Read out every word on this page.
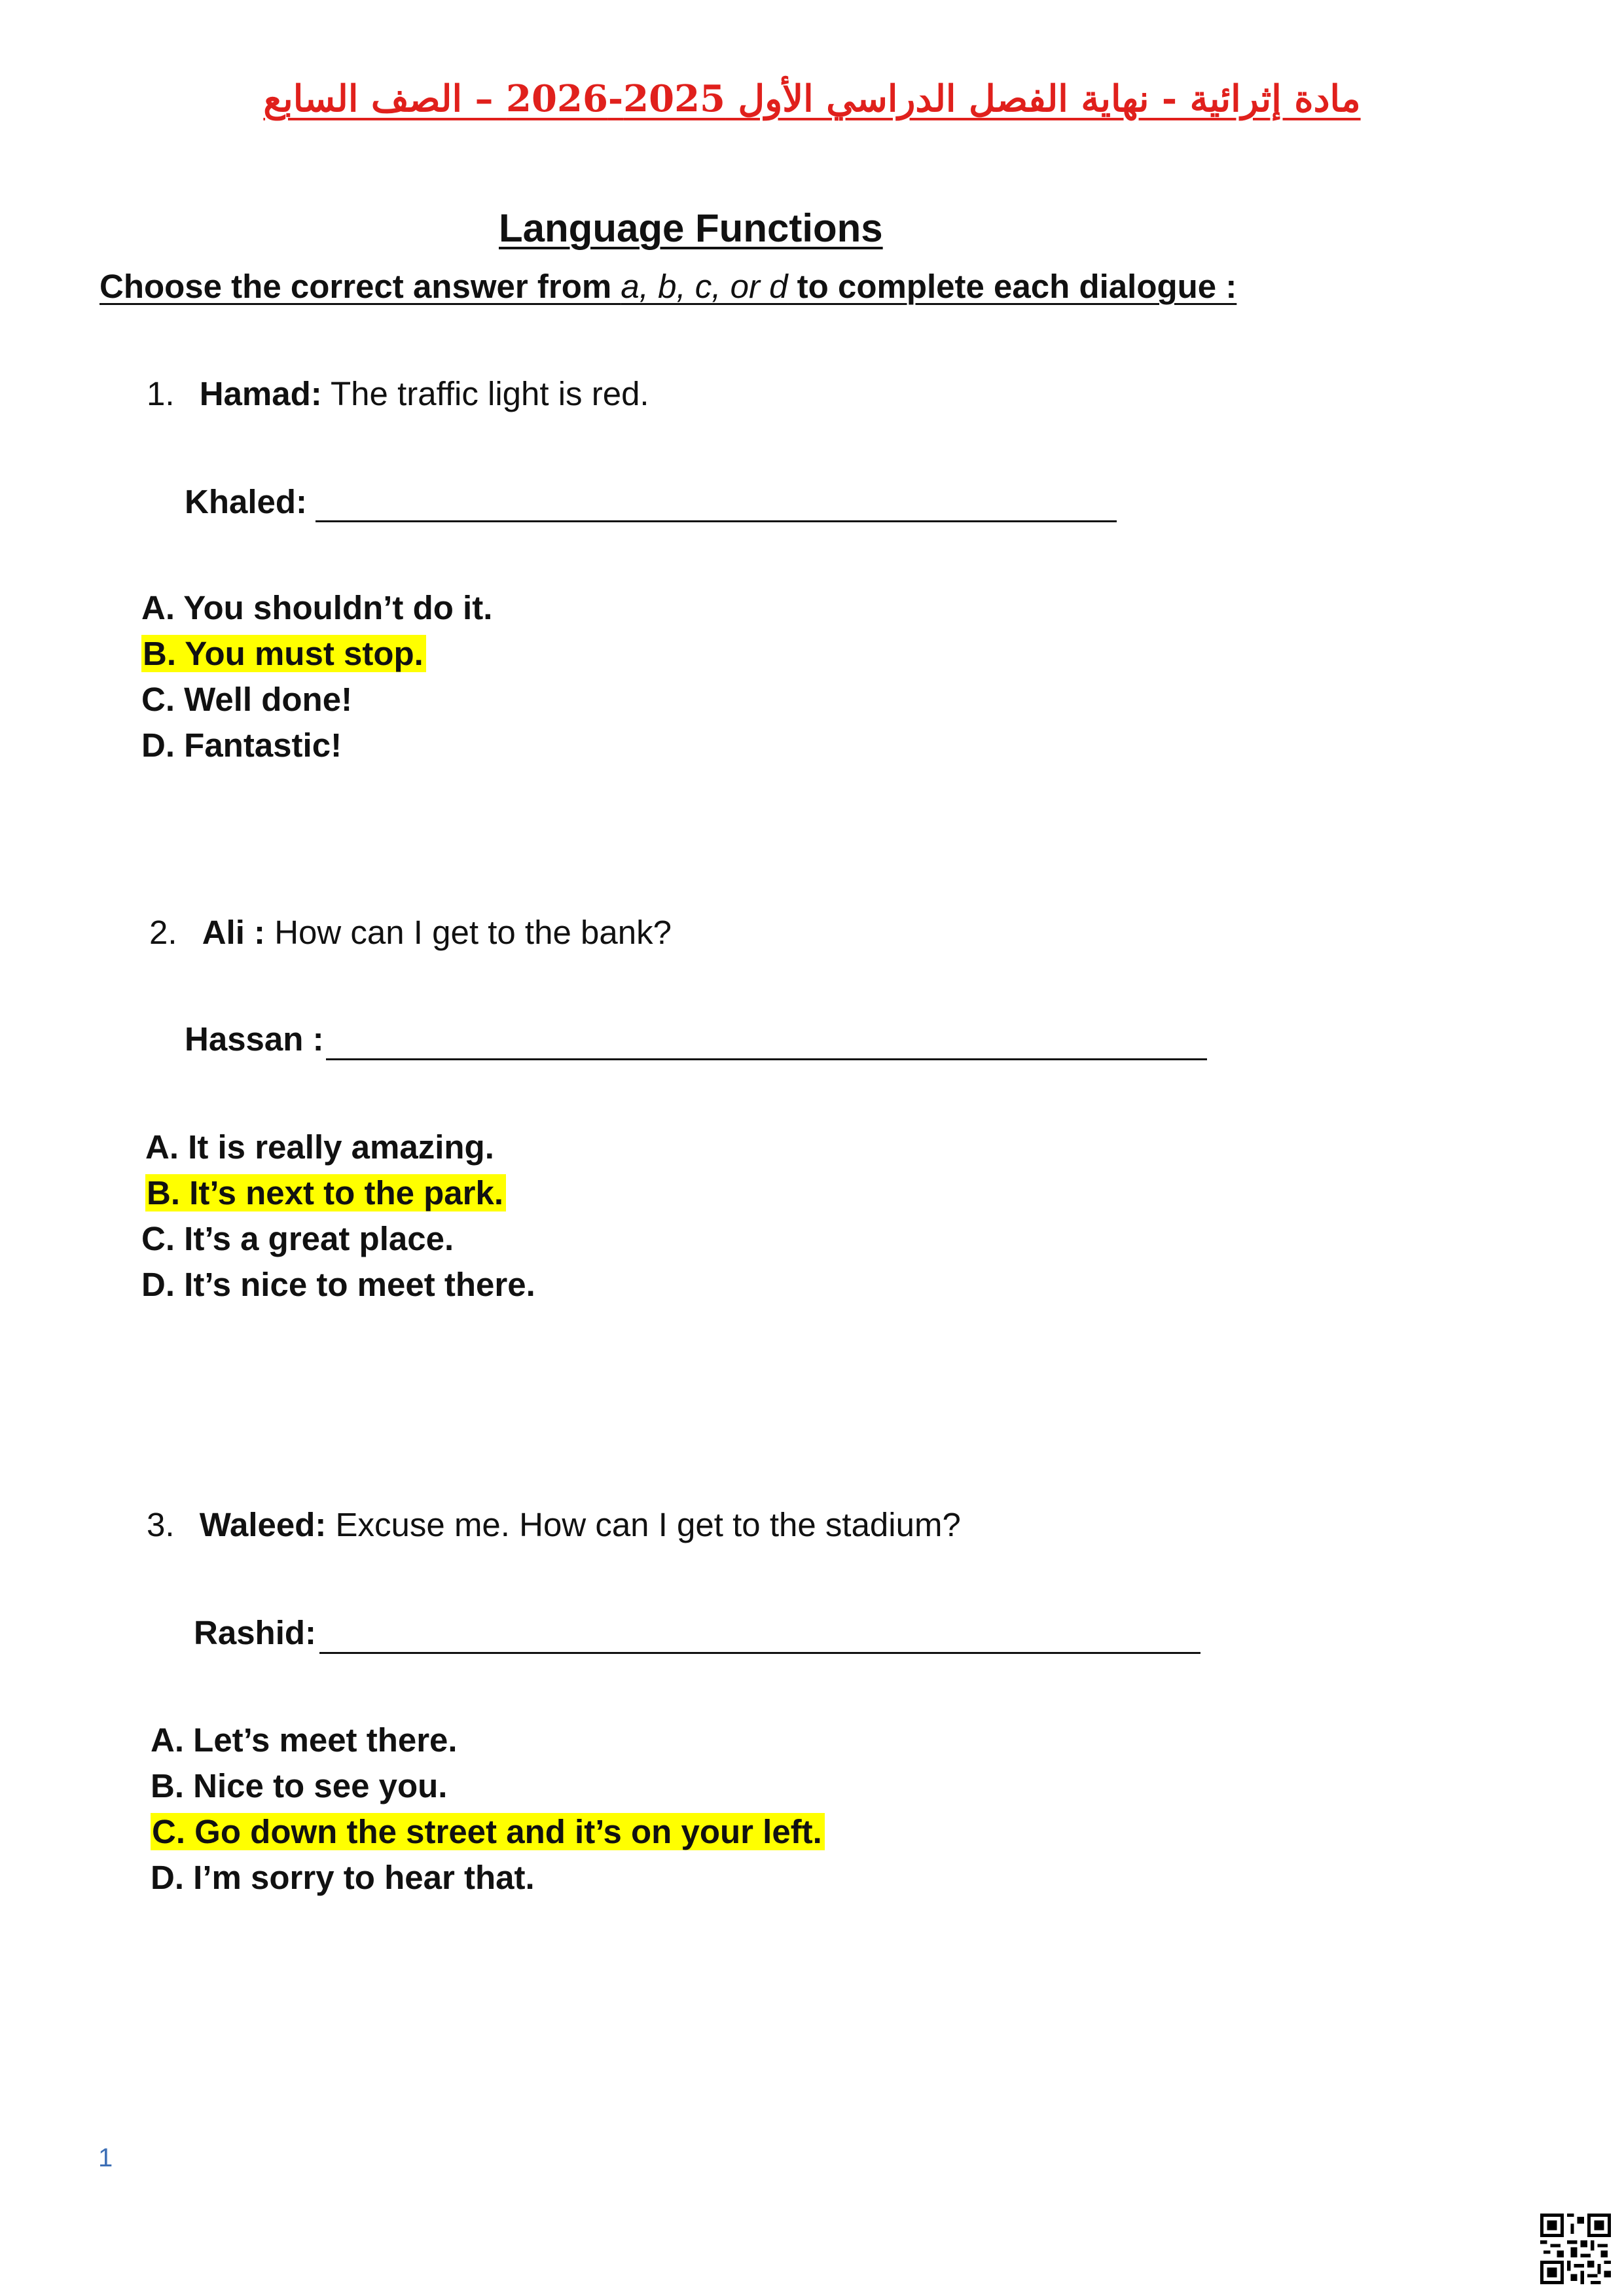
مادة إثرائية - نهاية الفصل الدراسي الأول 2025-2026 – الصف السابع
Language Functions
Choose the correct answer from a, b, c, or d to complete each dialogue :
1. Hamad: The traffic light is red.
Khaled:
A. You shouldn’t do it.
B. You must stop.
C. Well done!
D. Fantastic!
2. Ali : How can I get to the bank?
Hassan :
A. It is really amazing.
B. It’s next to the park.
C. It’s a great place.
D. It’s nice to meet there.
3. Waleed: Excuse me. How can I get to the stadium?
Rashid:
A. Let’s meet there.
B. Nice to see you.
C. Go down the street and it’s on your left.
D. I’m sorry to hear that.
1
